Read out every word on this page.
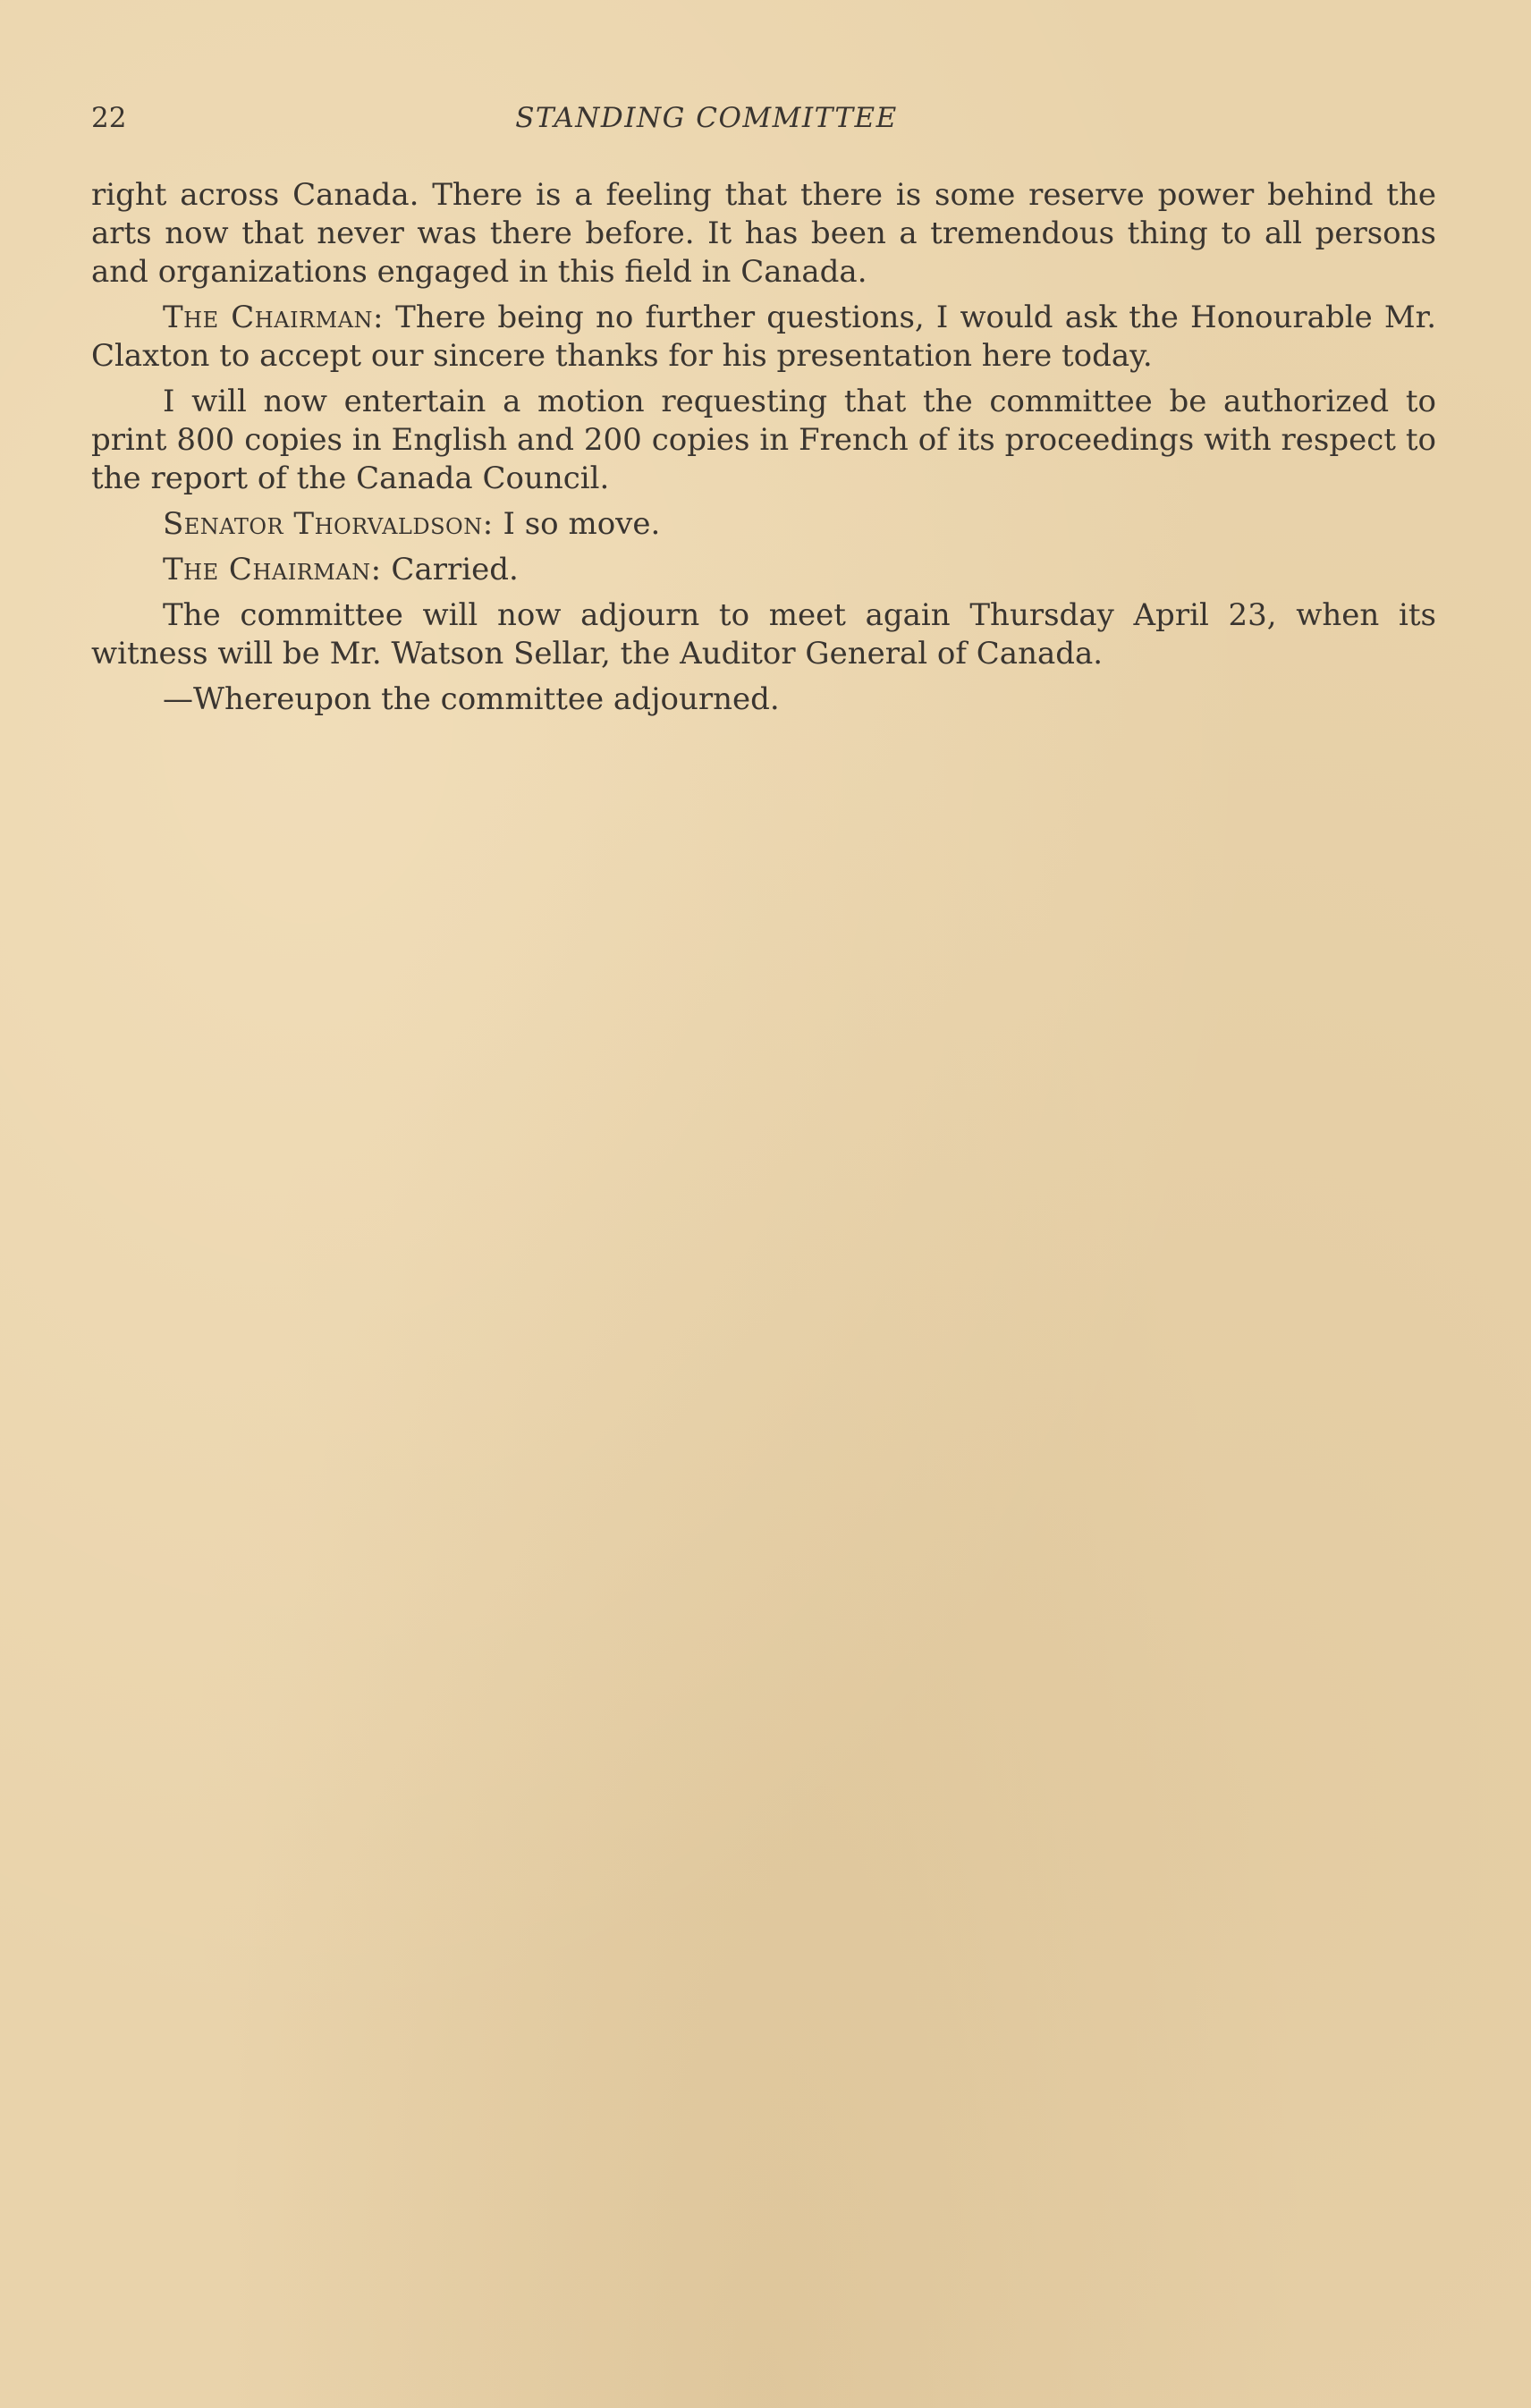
22	STANDING COMMITTEE

right across Canada. There is a feeling that there is some reserve power behind the arts now that never was there before. It has been a tremendous thing to all persons and organizations engaged in this field in Canada.

The Chairman: There being no further questions, I would ask the Honourable Mr. Claxton to accept our sincere thanks for his presentation here today.

I will now entertain a motion requesting that the committee be authorized to print 800 copies in English and 200 copies in French of its proceedings with respect to the report of the Canada Council.

Senator Thorvaldson: I so move.

The Chairman: Carried.

The committee will now adjourn to meet again Thursday April 23, when its witness will be Mr. Watson Sellar, the Auditor General of Canada.

—Whereupon the committee adjourned.
